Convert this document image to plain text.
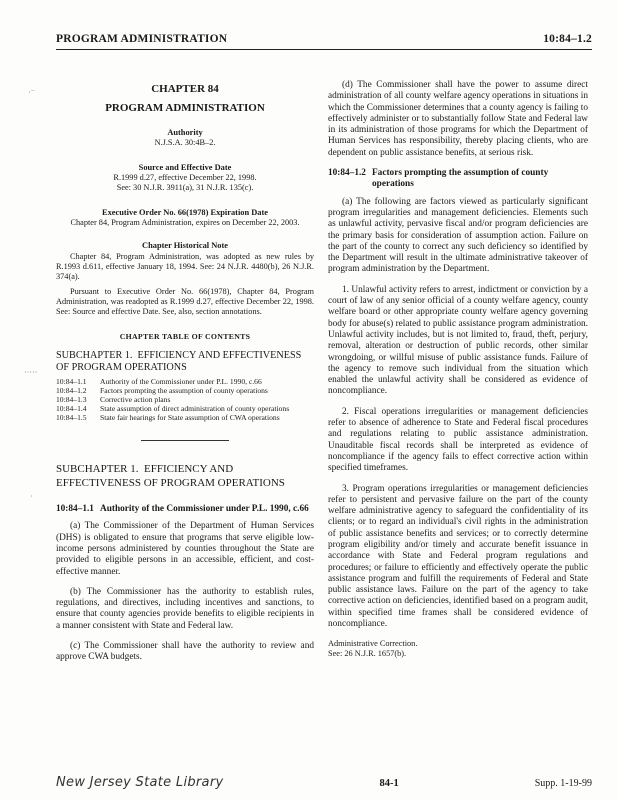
PROGRAM ADMINISTRATION	10:84–1.2
·⁻
·
·····
CHAPTER 84
PROGRAM ADMINISTRATION
Authority
N.J.S.A. 30:4B–2.
Source and Effective Date
R.1999 d.27, effective December 22, 1998.
See: 30 N.J.R. 3911(a), 31 N.J.R. 135(c).
Executive Order No. 66(1978) Expiration Date
Chapter 84, Program Administration, expires on December 22, 2003.
Chapter Historical Note

Chapter 84, Program Administration, was adopted as new rules by R.1993 d.611, effective January 18, 1994. See: 24 N.J.R. 4480(b), 26 N.J.R. 374(a).

Pursuant to Executive Order No. 66(1978), Chapter 84, Program Administration, was readopted as R.1999 d.27, effective December 22, 1998. See: Source and effective Date. See, also, section annotations.

CHAPTER TABLE OF CONTENTS
SUBCHAPTER 1.  EFFICIENCY AND EFFECTIVENESS OF PROGRAM OPERATIONS
10:84–1.1	Authority of the Commissioner under P.L. 1990, c.66
10:84–1.2	Factors prompting the assumption of county operations
10:84–1.3	Corrective action plans
10:84–1.4	State assumption of direct administration of county operations
10:84–1.5	State fair hearings for State assumption of CWA operations
SUBCHAPTER 1.  EFFICIENCY AND EFFECTIVENESS OF PROGRAM OPERATIONS
10:84–1.1 Authority of the Commissioner under P.L. 1990, c.66

(a) The Commissioner of the Department of Human Services (DHS) is obligated to ensure that programs that serve eligible low-income persons administered by counties throughout the State are provided to eligible persons in an accessible, efficient, and cost-effective manner.

(b) The Commissioner has the authority to establish rules, regulations, and directives, including incentives and sanctions, to ensure that county agencies provide benefits to eligible recipients in a manner consistent with State and Federal law.

(c) The Commissioner shall have the authority to review and approve CWA budgets.

(d) The Commissioner shall have the power to assume direct administration of all county welfare agency operations in situations in which the Commissioner determines that a county agency is failing to effectively administer or to substantially follow State and Federal law in its administration of those programs for which the Department of Human Services has responsibility, thereby placing clients, who are dependent on public assistance benefits, at serious risk.

10:84–1.2 Factors prompting the assumption of county operations

(a) The following are factors viewed as particularly significant program irregularities and management deficiencies. Elements such as unlawful activity, pervasive fiscal and/or program deficiencies are the primary basis for consideration of assumption action. Failure on the part of the county to correct any such deficiency so identified by the Department will result in the ultimate administrative takeover of program administration by the Department.

1. Unlawful activity refers to arrest, indictment or conviction by a court of law of any senior official of a county welfare agency, county welfare board or other appropriate county welfare agency governing body for abuse(s) related to public assistance program administration. Unlawful activity includes, but is not limited to, fraud, theft, perjury, removal, alteration or destruction of public records, other similar wrongdoing, or willful misuse of public assistance funds. Failure of the agency to remove such individual from the situation which enabled the unlawful activity shall be considered as evidence of noncompliance.

2. Fiscal operations irregularities or management deficiencies refer to absence of adherence to State and Federal fiscal procedures and regulations relating to public assistance administration. Unauditable fiscal records shall be interpreted as evidence of noncompliance if the agency fails to effect corrective action within specified timeframes.

3. Program operations irregularities or management deficiencies refer to persistent and pervasive failure on the part of the county welfare administrative agency to safeguard the confidentiality of its clients; or to regard an individual's civil rights in the administration of public assistance benefits and services; or to correctly determine program eligibility and/or timely and accurate benefit issuance in accordance with State and Federal program regulations and procedures; or failure to efficiently and effectively operate the public assistance program and fulfill the requirements of Federal and State public assistance laws. Failure on the part of the agency to take corrective action on deficiencies, identified based on a program audit, within specified time frames shall be considered evidence of noncompliance.

Administrative Correction.
See: 26 N.J.R. 1657(b).
New Jersey State Library	84-1	Supp. 1-19-99
